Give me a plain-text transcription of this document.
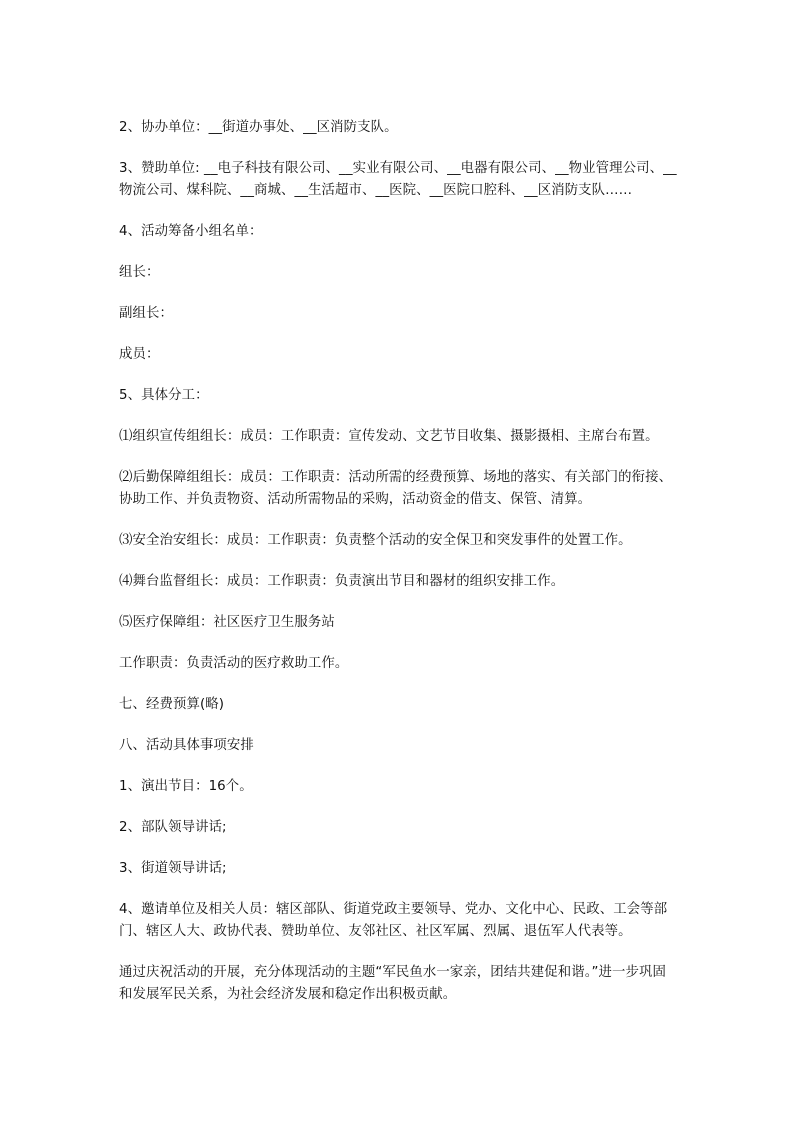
2、协办单位：__街道办事处、__区消防支队。

3、赞助单位: __电子科技有限公司、__实业有限公司、__电器有限公司、__物业管理公司、__物流公司、煤科院、__商城、__生活超市、__医院、__医院口腔科、__区消防支队……

4、活动筹备小组名单：

组长：

副组长：

成员：

5、具体分工：

⑴组织宣传组组长：成员：工作职责：宣传发动、文艺节目收集、摄影摄相、主席台布置。

⑵后勤保障组组长：成员：工作职责：活动所需的经费预算、场地的落实、有关部门的衔接、协助工作、并负责物资、活动所需物品的采购，活动资金的借支、保管、清算。

⑶安全治安组长：成员：工作职责：负责整个活动的安全保卫和突发事件的处置工作。

⑷舞台监督组长：成员：工作职责：负责演出节目和器材的组织安排工作。

⑸医疗保障组：社区医疗卫生服务站

工作职责：负责活动的医疗救助工作。

七、经费预算(略)

八、活动具体事项安排

1、演出节目：16个。

2、部队领导讲话;

3、街道领导讲话;

4、邀请单位及相关人员：辖区部队、街道党政主要领导、党办、文化中心、民政、工会等部门、辖区人大、政协代表、赞助单位、友邻社区、社区军属、烈属、退伍军人代表等。

通过庆祝活动的开展，充分体现活动的主题“军民鱼水一家亲，团结共建促和谐。”进一步巩固和发展军民关系，为社会经济发展和稳定作出积极贡献。
